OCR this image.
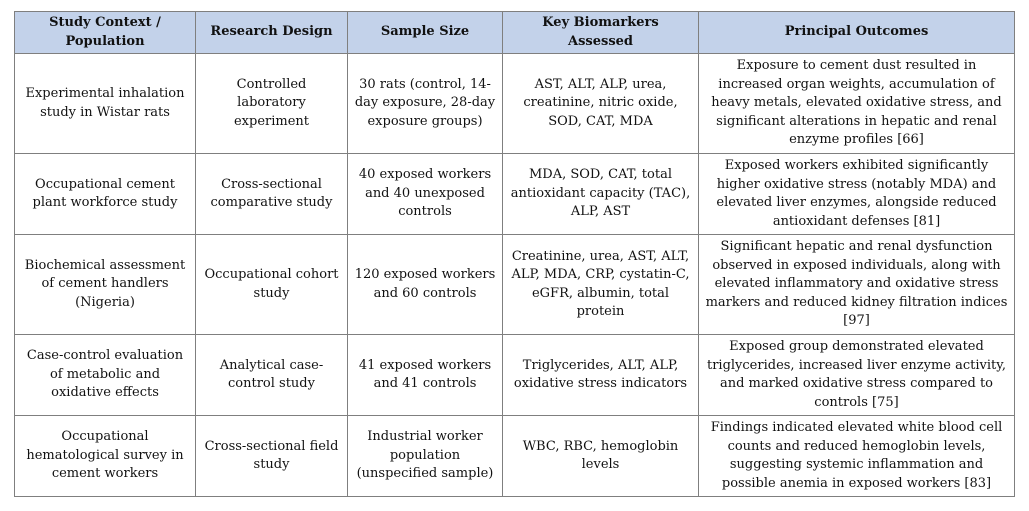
Study Context / Population	Research Design	Sample Size	Key Biomarkers Assessed	Principal Outcomes
Experimental inhalation study in Wistar rats	Controlled laboratory experiment	30 rats (control, 14-day exposure, 28-day exposure groups)	AST, ALT, ALP, urea, creatinine, nitric oxide, SOD, CAT, MDA	Exposure to cement dust resulted in increased organ weights, accumulation of heavy metals, elevated oxidative stress, and significant alterations in hepatic and renal enzyme profiles [66]
Occupational cement plant workforce study	Cross-sectional comparative study	40 exposed workers and 40 unexposed controls	MDA, SOD, CAT, total antioxidant capacity (TAC), ALP, AST	Exposed workers exhibited significantly higher oxidative stress (notably MDA) and elevated liver enzymes, alongside reduced antioxidant defenses [81]
Biochemical assessment of cement handlers (Nigeria)	Occupational cohort study	120 exposed workers and 60 controls	Creatinine, urea, AST, ALT, ALP, MDA, CRP, cystatin-C, eGFR, albumin, total protein	Significant hepatic and renal dysfunction observed in exposed individuals, along with elevated inflammatory and oxidative stress markers and reduced kidney filtration indices [97]
Case-control evaluation of metabolic and oxidative effects	Analytical case-control study	41 exposed workers and 41 controls	Triglycerides, ALT, ALP, oxidative stress indicators	Exposed group demonstrated elevated triglycerides, increased liver enzyme activity, and marked oxidative stress compared to controls [75]
Occupational hematological survey in cement workers	Cross-sectional field study	Industrial worker population (unspecified sample)	WBC, RBC, hemoglobin levels	Findings indicated elevated white blood cell counts and reduced hemoglobin levels, suggesting systemic inflammation and possible anemia in exposed workers [83]
